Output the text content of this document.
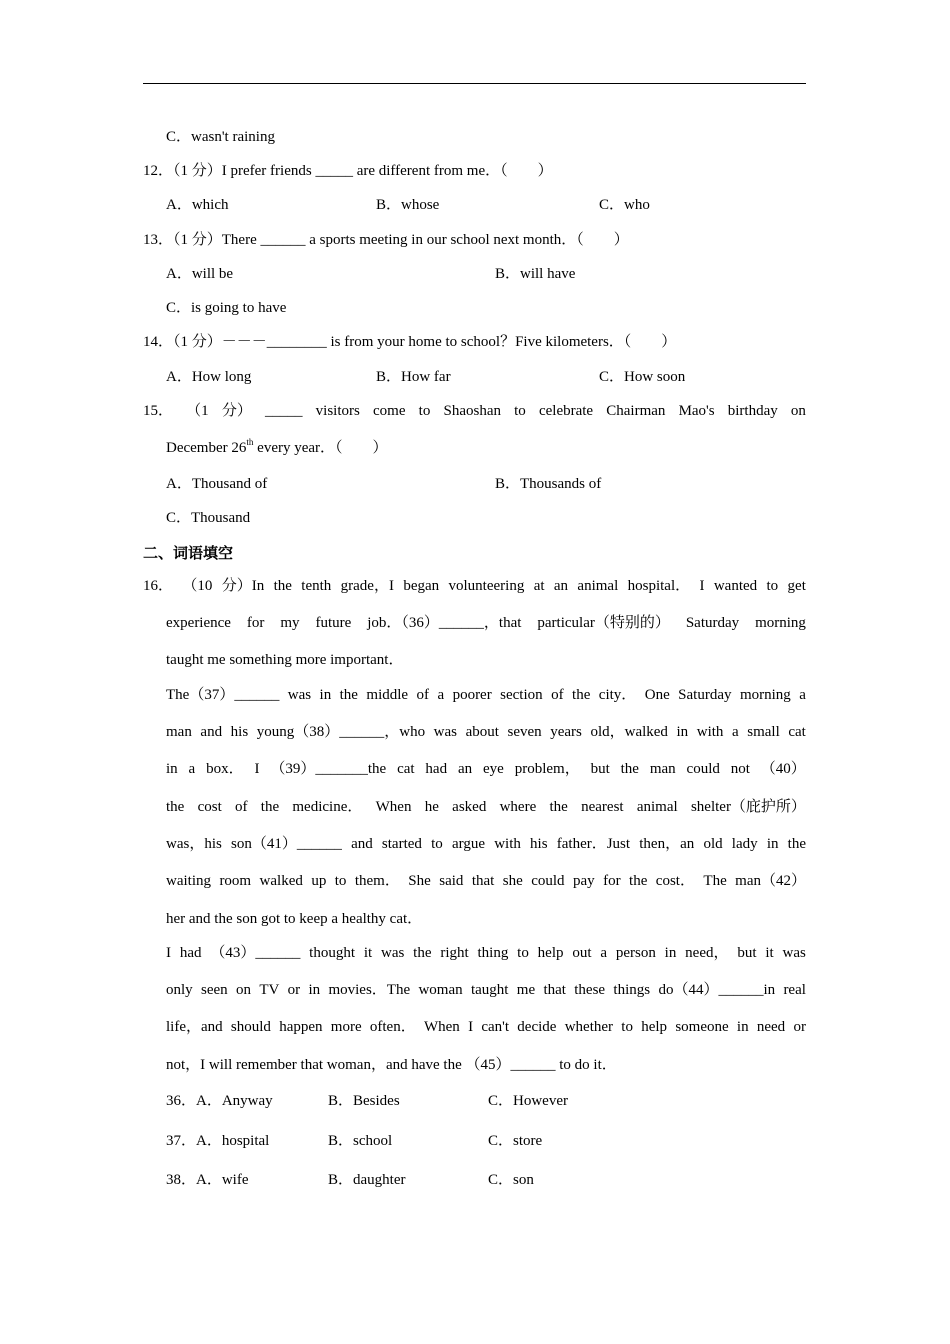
C．wasn't raining
12．（1 分）I prefer friends _____ are different from me．（　　）
A．which	B．whose	C．who
13．（1 分）There ______ a sports meeting in our school next month．（　　）
A．will be	B．will have
C．is going to have
14．（1 分）－－－________ is from your home to school？Five kilometers．（　　）
A．How long	B．How far	C．How soon
15． （1 分） _____ visitors come to Shaoshan to celebrate Chairman Mao's birthday on
December 26th every year．（　　）
A．Thousand of	B．Thousands of
C．Thousand
二、词语填空
16． （10 分）In the tenth grade，I began volunteering at an animal hospital． I wanted to get
experience for my future job．（36）______，that particular（特别的） Saturday morning
taught me something more important．
The（37）______ was in the middle of a poorer section of the city． One Saturday morning a
man and his young（38）______，who was about seven years old，walked in with a small cat
in a box． I （39）_______the cat had an eye problem， but the man could not （40）
the cost of the medicine． When he asked where the nearest animal shelter（庇护所）
was，his son（41）______ and started to argue with his father．Just then，an old lady in the
waiting room walked up to them． She said that she could pay for the cost． The man（42）
her and the son got to keep a healthy cat．
I had （43）______ thought it was the right thing to help out a person in need， but it was
only seen on TV or in movies．The woman taught me that these things do（44）______in real
life，and should happen more often． When I can't decide whether to help someone in need or
not，I will remember that woman，and have the （45）______ to do it．
36．A．Anyway	B．Besides	C．However
37．A．hospital	B．school	C．store
38．A．wife	B．daughter	C．son
